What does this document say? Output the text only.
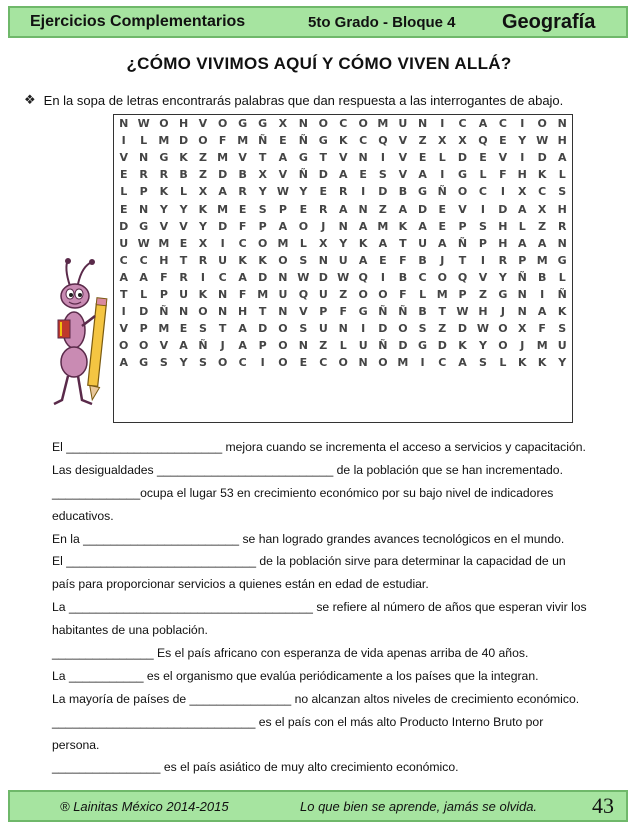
Ejercicios Complementarios	5to Grado - Bloque 4 Geografía
¿CÓMO VIVIMOS AQUÍ Y CÓMO VIVEN ALLÁ?
❖ En la sopa de letras encontrarás palabras que dan respuesta a las interrogantes de abajo.
N	W	O	H	V	O	G	G	X	N	O	C	O	M	U	N	I	C	A	C	I	O	N
I	L	M	D	O	F	M	Ñ	E	Ñ	G	K	C	Q	V	Z	X	X	Q	E	Y	W	H
V	N	G	K	Z	M	V	T	A	G	T	V	N	I	V	E	L	D	E	V	I	D	A
E	R	R	B	Z	D	B	X	V	Ñ	D	A	E	S	V	A	I	G	L	F	H	K	L
L	P	K	L	X	A	R	Y	W	Y	E	R	I	D	B	G	Ñ	O	C	I	X	C	S
E	N	Y	Y	K	M	E	S	P	E	R	A	N	Z	A	D	E	V	I	D	A	X	H
D	G	V	V	Y	D	F	P	A	O	J	N	A	M	K	A	E	P	S	H	L	Z	R
U	W	M	E	X	I	C	O	M	L	X	Y	K	A	T	U	A	Ñ	P	H	A	A	N
C	C	H	T	R	U	K	K	O	S	N	U	A	E	F	B	J	T	I	R	P	M	G
A	A	F	R	I	C	A	D	N	W	D	W	Q	I	B	C	O	Q	V	Y	Ñ	B	L
T	L	P	U	K	N	F	M	U	Q	U	Z	O	O	F	L	M	P	Z	G	N	I	Ñ
I	D	Ñ	N	O	N	H	T	N	V	P	F	G	Ñ	Ñ	B	T	W	H	J	N	A	K
V	P	M	E	S	T	A	D	O	S	U	N	I	D	O	S	Z	D	W	O	X	F	S
O	O	V	A	Ñ	J	A	P	O	N	Z	L	U	Ñ	D	G	D	K	Y	O	J	M	U
A	G	S	Y	S	O	C	I	O	E	C	O	N	O	M	I	C	A	S	L	K	K	Y
El _______________________ mejora cuando se incrementa el acceso a servicios y capacitación.
Las desigualdades __________________________ de la población que se han incrementado.
_____________ocupa el lugar 53 en crecimiento económico por su bajo nivel de indicadores
educativos.
En la _______________________ se han logrado grandes avances tecnológicos en el mundo.
El ____________________________ de la población sirve para determinar la capacidad de un
país para proporcionar servicios a quienes están en edad de estudiar.
La ____________________________________ se refiere al número de años que esperan vivir los
habitantes de una población.
_______________ Es el país africano con esperanza de vida apenas arriba de 40 años.
La ___________ es el organismo que evalúa periódicamente a los países que la integran.
La mayoría de países de _______________ no alcanzan altos niveles de crecimiento económico.
______________________________ es el país con el más alto Producto Interno Bruto por
persona.
________________ es el país asiático de muy alto crecimiento económico.
® Lainitas México 2014-2015	Lo que bien se aprende, jamás se olvida. 43
